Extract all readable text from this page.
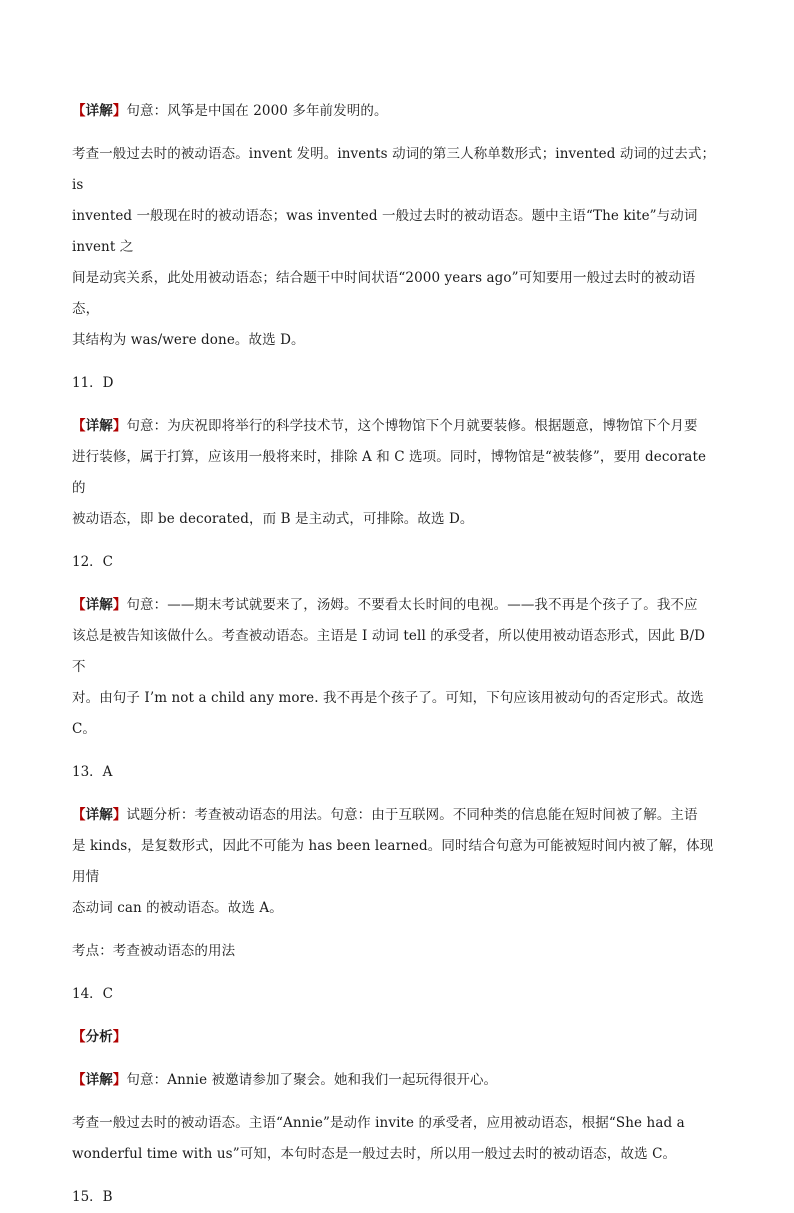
【详解】句意：风筝是中国在 2000 多年前发明的。

考查一般过去时的被动语态。invent 发明。invents 动词的第三人称单数形式；invented 动词的过去式；is
invented 一般现在时的被动语态；was invented 一般过去时的被动语态。题中主语“The kite”与动词 invent 之
间是动宾关系，此处用被动语态；结合题干中时间状语“2000 years ago”可知要用一般过去时的被动语态，
其结构为 was/were done。故选 D。

11．D

【详解】句意：为庆祝即将举行的科学技术节，这个博物馆下个月就要装修。根据题意，博物馆下个月要
进行装修，属于打算，应该用一般将来时，排除 A 和 C 选项。同时，博物馆是“被装修”，要用 decorate 的
被动语态，即 be decorated，而 B 是主动式，可排除。故选 D。

12．C

【详解】句意：——期末考试就要来了，汤姆。不要看太长时间的电视。——我不再是个孩子了。我不应
该总是被告知该做什么。考查被动语态。主语是 I 动词 tell 的承受者，所以使用被动语态形式，因此 B/D 不
对。由句子 I’m not a child any more. 我不再是个孩子了。可知，下句应该用被动句的否定形式。故选 C。

13．A

【详解】试题分析：考查被动语态的用法。句意：由于互联网。不同种类的信息能在短时间被了解。主语
是 kinds，是复数形式，因此不可能为 has been learned。同时结合句意为可能被短时间内被了解，体现用情
态动词 can 的被动语态。故选 A。

考点：考查被动语态的用法

14．C

【分析】

【详解】句意：Annie 被邀请参加了聚会。她和我们一起玩得很开心。

考查一般过去时的被动语态。主语“Annie”是动作 invite 的承受者，应用被动语态，根据“She had a
wonderful time with us”可知，本句时态是一般过去时，所以用一般过去时的被动语态，故选 C。

15．B
